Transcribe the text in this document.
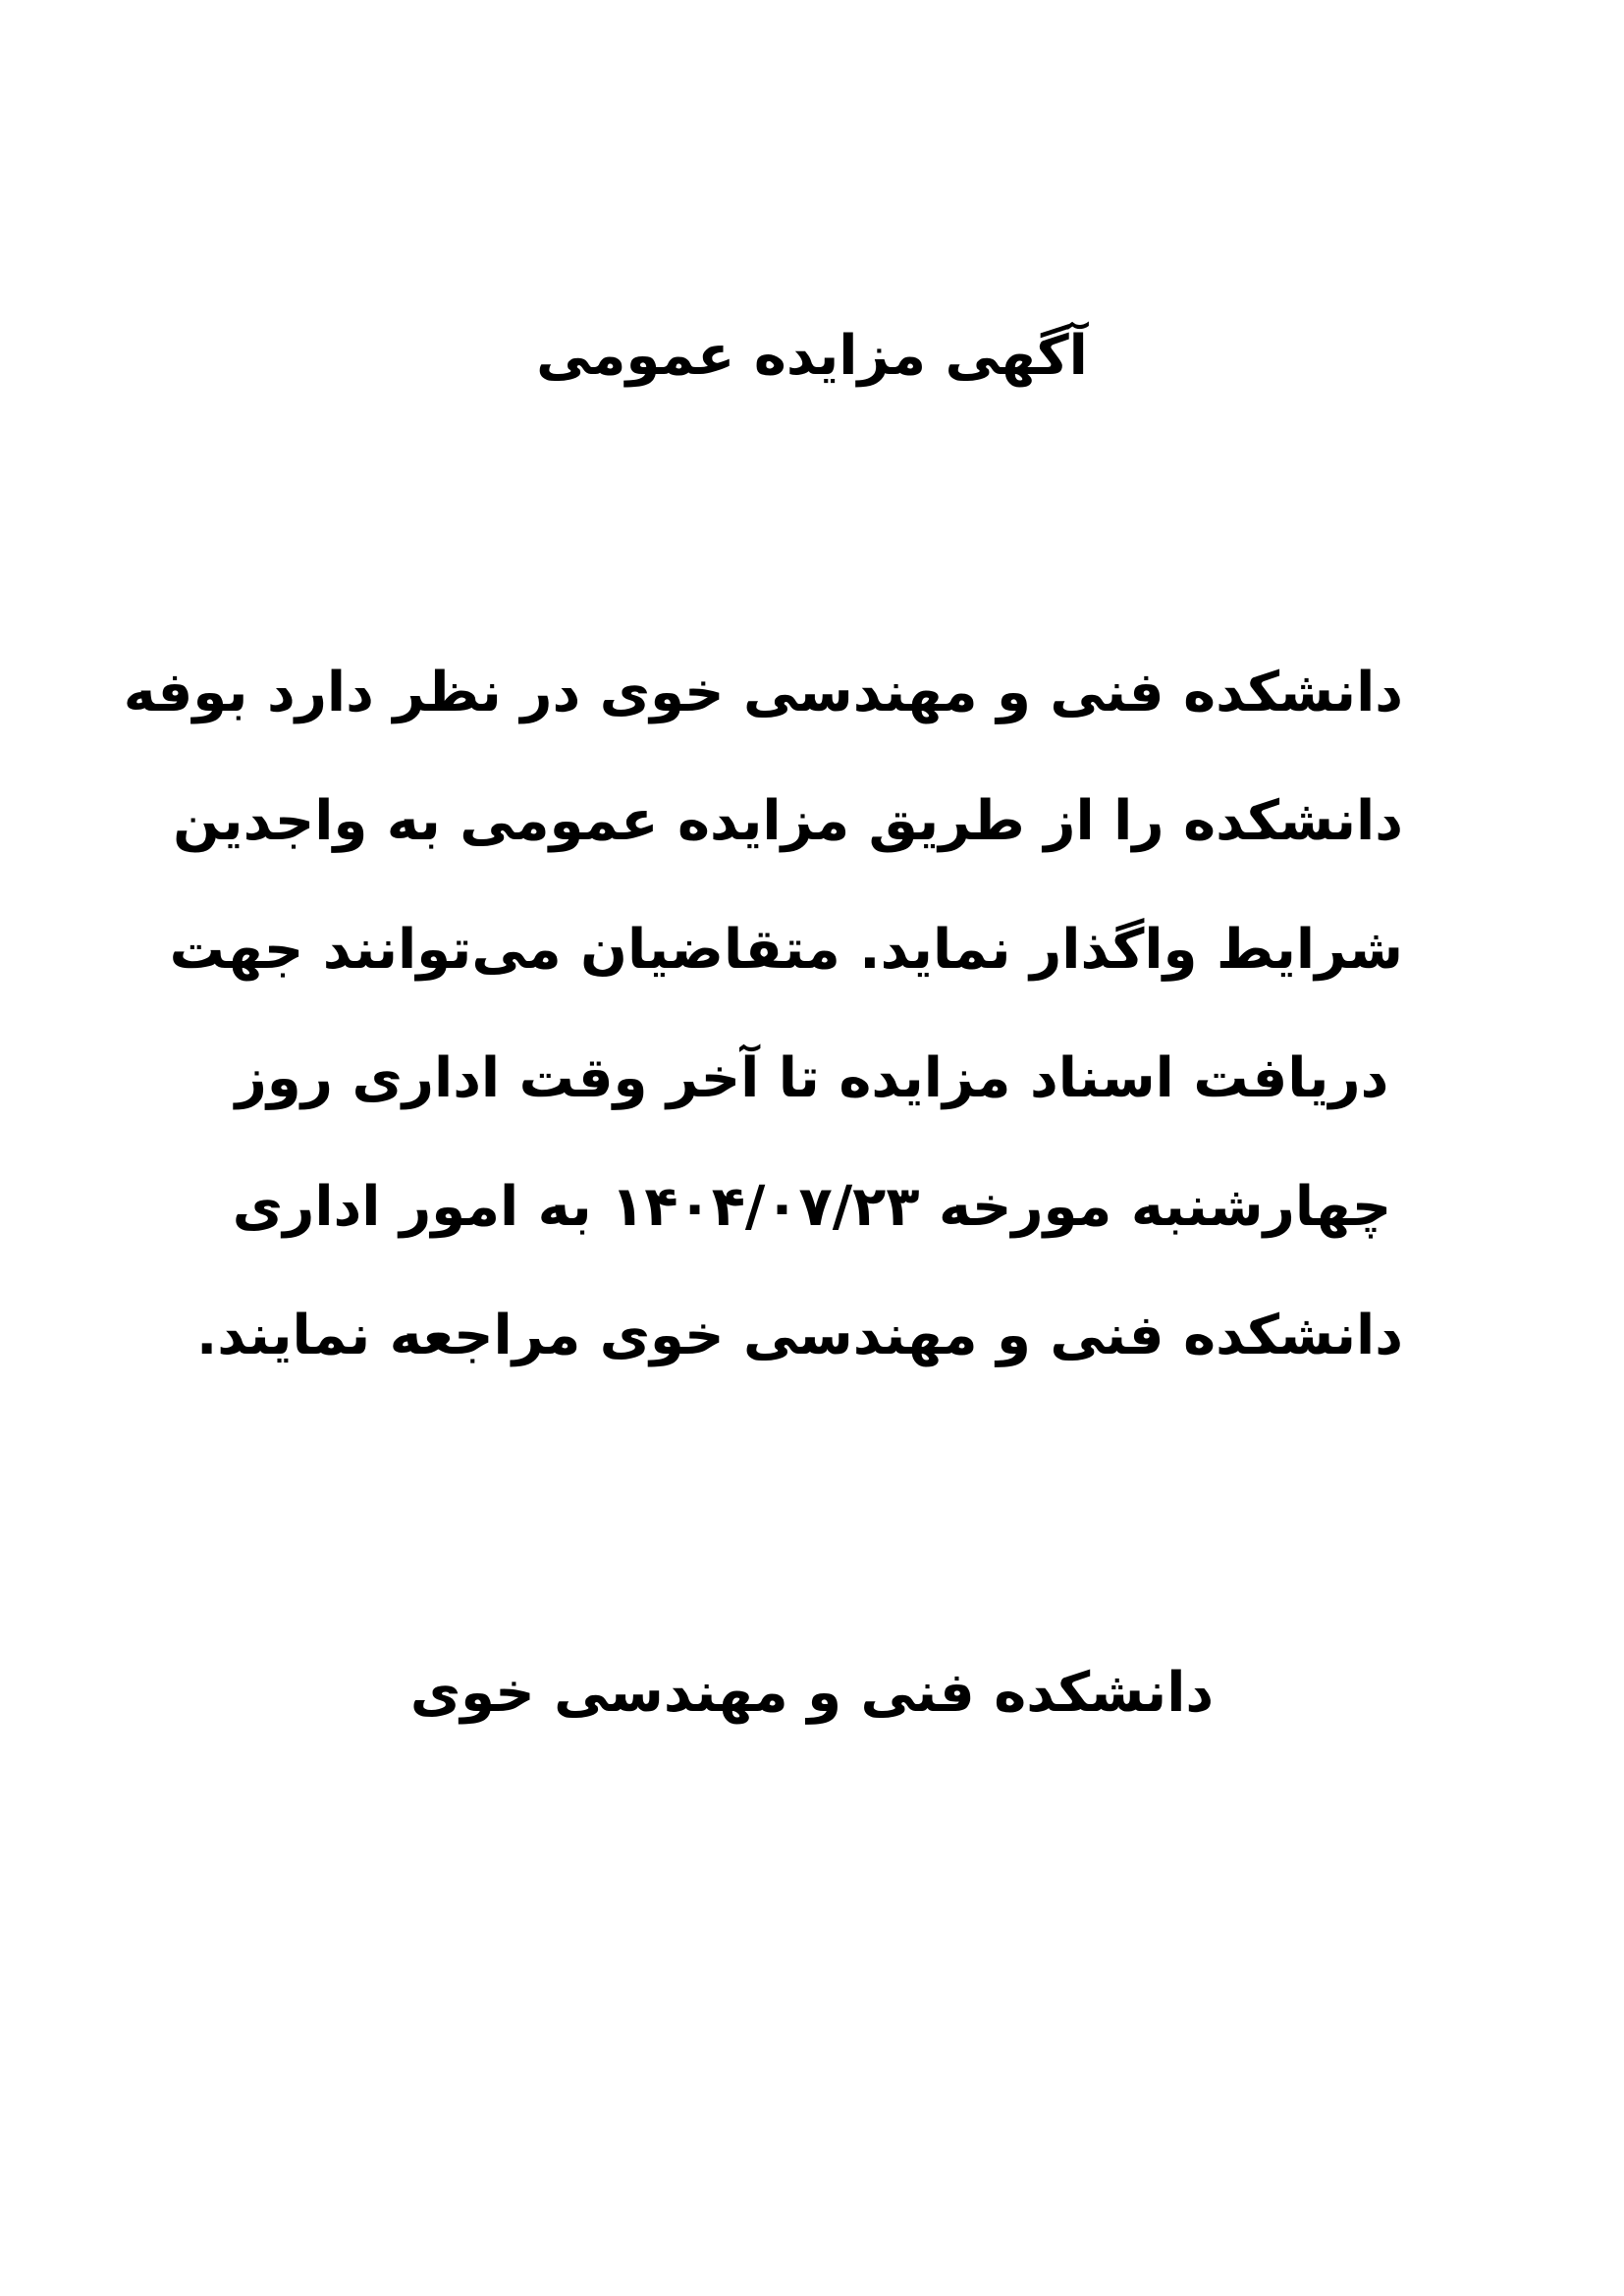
آگهی مزایده عمومی
دانشکده فنی و مهندسی خوی در نظر دارد بوفه
دانشکده را از طریق مزایده عمومی به واجدین
شرایط واگذار نماید. متقاضیان می‌توانند جهت
دریافت اسناد مزایده تا آخر وقت اداری روز
چهارشنبه مورخه ۱۴۰۴/۰۷/۲۳ به امور اداری
دانشکده فنی و مهندسی خوی مراجعه نمایند.

دانشکده فنی و مهندسی خوی
